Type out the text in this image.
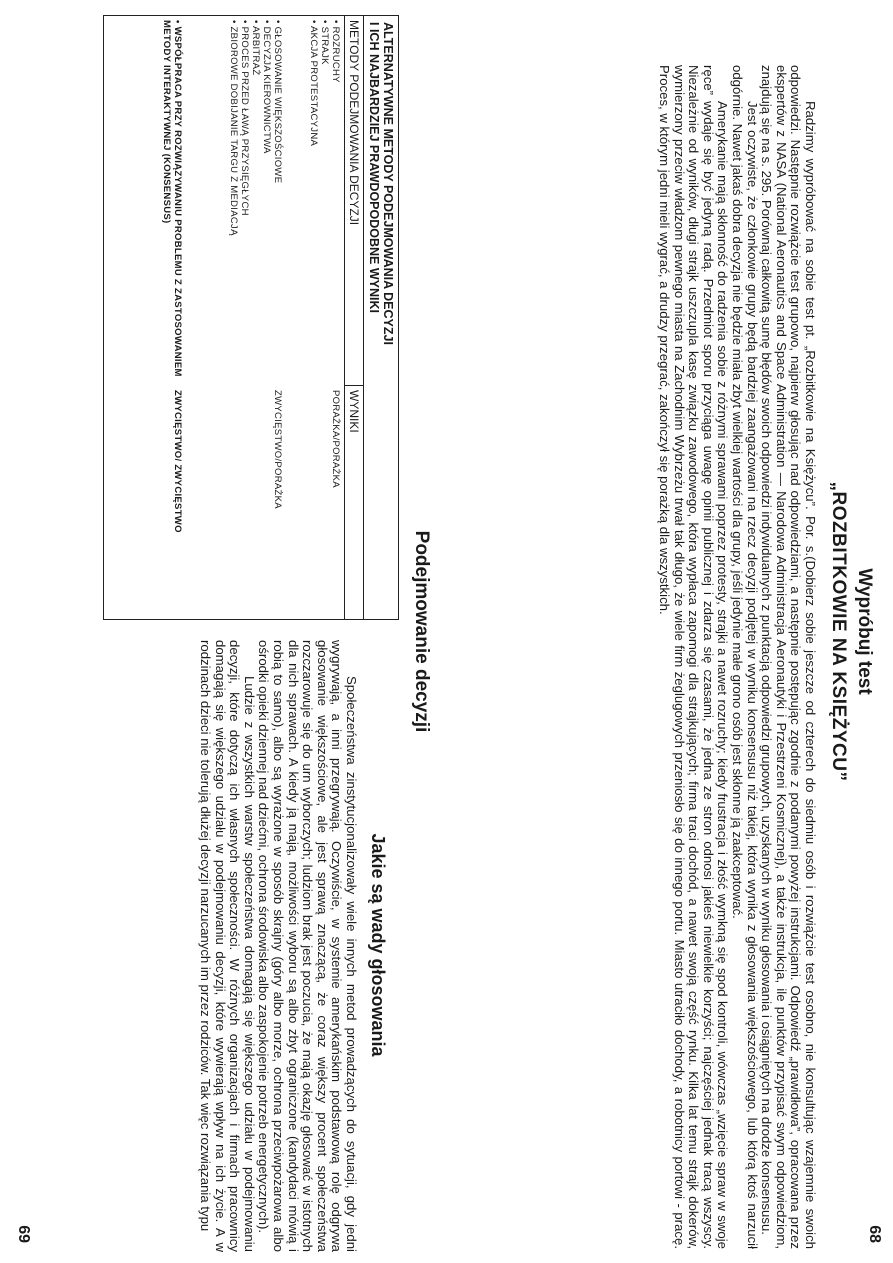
68
Wypróbuj test
„ROZBITKOWIE NA KSIĘŻYCU”

Radzimy wypróbować na sobie test pt. „Rozbitkowie na Księżycu”. Por. s.(Dobierz sobie jeszcze od czterech do siedmiu osób i rozwiążcie test osobno, nie konsultując wzajemnie swoich odpowiedzi. Następnie rozwiążcie test grupowo, najpierw głosując nad odpowiedziami, a następnie postępując zgodnie z podanymi powyżej instrukcjami. Odpowiedź „prawidłowa”, opracowana przez ekspertów z NASA (National Aeronautics and Space Administration — Narodowa Administracja Aeronautyki i Przestrzeni Kosmicznej), a także instrukcja, ile punktów przypisać swym odpowiedziom, znajdują się na s. 295. Porównaj całkowitą sumę błędów swoich odpowiedzi indywidualnych z punktacją odpowiedzi grupowych, uzyskanych w wyniku głosowania i osiągniętych na drodze konsensusu.

Jest oczywiste, że członkowie grupy będą bardziej zaangażowani na rzecz decyzji podjętej w wyniku konsensusu niż takiej, która wynika z głosowania większościowego, lub którą ktoś narzucił odgórnie. Nawet jakaś dobra decyzja nie będzie miała zbyt wielkiej wartości dla grupy, jeśli jedynie małe grono osób jest skłonne ją zaakceptować.

Amerykanie mają skłonność do radzenia sobie z różnymi sprawami poprzez protesty, strajki a nawet rozruchy; kiedy frustracja i złość wymkną się spod kontroli, wówczas „wzięcie spraw w swoje ręce” wydaje się być jedyną radą. Przedmiot sporu przyciąga uwagę opinii publicznej i zdarza się czasami, że jedna ze stron odnosi jakieś niewielkie korzyści; najczęściej jednak tracą wszyscy. Niezależnie od wyników, długi strajk uszczupla kasę związku zawodowego, która wypłaca zapomogi dla strajkujących; firma traci dochód, a nawet swoją część rynku. Kilka lat temu strajk dokerów, wymierzony przeciw władzom pewnego miasta na Zachodnim Wybrzeżu trwał tak długo, że wiele firm żeglugowych przeniosło się do innego portu. Miasto utraciło dochody, a robotnicy portowi - pracę. Proces, w którym jedni mieli wygrać, a drudzy przegrać, zakończył się porażką dla wszystkich.

Podejmowanie decyzji
ALTERNATYWNE METODY PODEJMOWANIA DECYZJI
I ICH NAJBARDZIEJ PRAWDOPODOBNE WYNIKI
METODY PODEJMOWANIA DECYZJI
WYNIKI
• ROZRUCHY
• STRAJK
• AKCJA PROTESTACYJNA
PORAŻKA/PORAŻKA
• GŁOSOWANIE WIĘKSZOŚCIOWE
• DECYZJA KIEROWNICTWA
• ARBITRAŻ
• PROCES PRZED ŁAWĄ PRZYSIĘGŁYCH
• ZBIOROWE DOBIJANIE TARGU Z MEDIACJĄ
ZWYCIĘSTWO/PORAŻKA
• WSPÓŁPRACA PRZY ROZWIĄZYWANIU PROBLEMU Z ZASTOSOWANIEM METODY INTERAKTYWNEJ (KONSENSUS)
ZWYCIĘSTWO/ ZWYCIĘSTWO
Jakie są wady głosowania

Społeczeństwa zinstytucjonalizowały wiele innych metod prowadzących do sytuacji, gdy jedni wygrywają, a inni przegrywają. Oczywiście, w systemie amerykańskim podstawową rolę odgrywa głosowanie większościowe, ale jest sprawą znaczącą, że coraz większy procent społeczeństwa rozczarowuje się do urn wyborczych; ludziom brak jest poczucia, że mają okazję głosować w istotnych dla nich sprawach. A kiedy ją mają, możliwości wyboru są albo zbyt ograniczone (kandydaci mówią i robią to samo), albo są wyrażone w sposób skrajny (góry albo morze, ochrona przeciwpożarowa albo ośrodki opieki dziennej nad dziećmi, ochrona środowiska albo zaspokojenie potrzeb energetycznych).

Ludzie z wszystkich warstw społeczeństwa domagają się większego udziału w podejmowaniu decyzji, które dotyczą ich własnych społeczności. W różnych organizacjach i firmach pracownicy domagają się większego udziału w podejmowaniu decyzji, które wywierają wpływ na ich życie. A w rodzinach dzieci nie tolerują dłużej decyzji narzucanych im przez rodziców. Tak więc rozwiązania typu

69
